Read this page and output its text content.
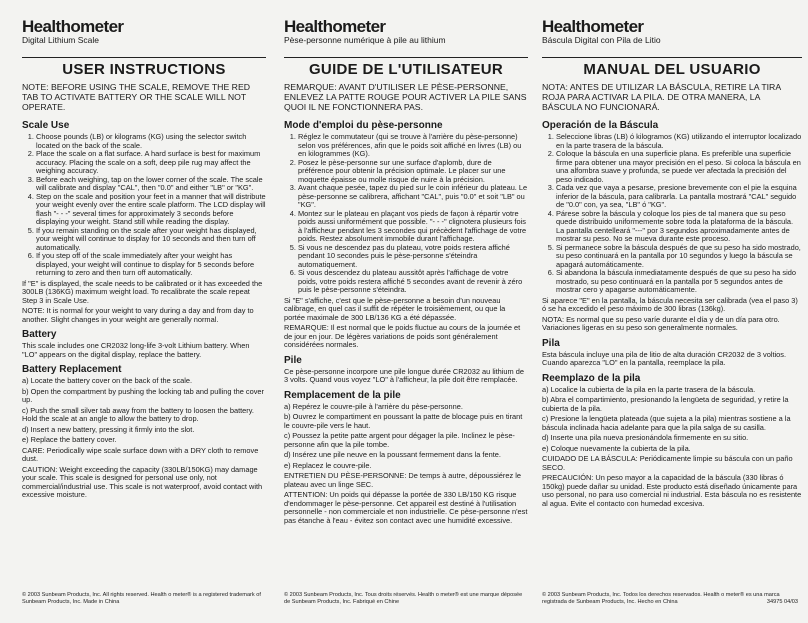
Healthometer
Digital Lithium Scale
USER INSTRUCTIONS
NOTE: BEFORE USING THE SCALE, REMOVE THE RED TAB TO ACTIVATE BATTERY OR THE SCALE WILL NOT OPERATE.
Scale Use
1. Choose pounds (LB) or kilograms (KG) using the selector switch located on the back of the scale.
2. Place the scale on a flat surface. A hard surface is best for maximum accuracy. Placing the scale on a soft, deep pile rug may affect the weighing accuracy.
3. Before each weighing, tap on the lower corner of the scale. The scale will calibrate and display "CAL", then "0.0" and either "LB" or "KG".
4. Step on the scale and position your feet in a manner that will distribute your weight evenly over the entire scale platform. The LCD display will flash "- - -" several times for approximately 3 seconds before displaying your weight. Stand still while reading the display.
5. If you remain standing on the scale after your weight has displayed, your weight will continue to display for 10 seconds and then turn off automatically.
6. If you step off of the scale immediately after your weight has displayed, your weight will continue to display for 5 seconds before returning to zero and then turn off automatically.

If "E" is displayed, the scale needs to be calibrated or it has exceeded the 300LB (136KG) maximum weight load. To recalibrate the scale repeat Step 3 in Scale Use.

NOTE: It is normal for your weight to vary during a day and from day to another. Slight changes in your weight are generally normal.

Battery

This scale includes one CR2032 long-life 3-volt Lithium battery. When "LO" appears on the digital display, replace the battery.

Battery Replacement

a) Locate the battery cover on the back of the scale.

b) Open the compartment by pushing the locking tab and pulling the cover up.

c) Push the small silver tab away from the battery to loosen the battery. Hold the scale at an angle to allow the battery to drop.

d) Insert a new battery, pressing it firmly into the slot.

e) Replace the battery cover.

CARE: Periodically wipe scale surface down with a DRY cloth to remove dust.

CAUTION: Weight exceeding the capacity (330LB/150KG) may damage your scale. This scale is designed for personal use only, not commercial/industrial use. This scale is not waterproof, avoid contact with excessive moisture.

© 2003 Sunbeam Products, Inc. All rights reserved. Health o meter® is a registered trademark of Sunbeam Products, Inc. Made in China
Healthometer
Pèse-personne numérique à pile au lithium
GUIDE DE L'UTILISATEUR
REMARQUE: AVANT D'UTILISER LE PÈSE-PERSONNE, ENLEVEZ LA PATTE ROUGE POUR ACTIVER LA PILE SANS QUOI IL NE FONCTIONNERA PAS.
Mode d'emploi du pèse-personne
1. Réglez le commutateur (qui se trouve à l'arrière du pèse-personne) selon vos préférences, afin que le poids soit affiché en livres (LB) ou en kilogrammes (KG).
2. Posez le pèse-personne sur une surface d'aplomb, dure de préférence pour obtenir la précision optimale. Le placer sur une moquette épaisse ou molle risque de nuire à la précision.
3. Avant chaque pesée, tapez du pied sur le coin inférieur du plateau. Le pèse-personne se calibrera, affichant "CAL", puis "0.0" et soit "LB" ou "KG".
4. Montez sur le plateau en plaçant vos pieds de façon à répartir votre poids aussi uniformément que possible. "- - -" clignotera plusieurs fois à l'afficheur pendant les 3 secondes qui précèdent l'affichage de votre poids. Restez absolument immobile durant l'affichage.
5. Si vous ne descendez pas du plateau, votre poids restera affiché pendant 10 secondes puis le pèse-personne s'éteindra automatiquement.
6. Si vous descendez du plateau aussitôt après l'affichage de votre poids, votre poids restera affiché 5 secondes avant de revenir à zéro puis le pèse-personne s'éteindra.

Si "E" s'affiche, c'est que le pèse-personne a besoin d'un nouveau calibrage, en quel cas il suffit de répéter le troisièmement, ou que la portée maximale de 300 LB/136 KG a été dépassée.

REMARQUE: Il est normal que le poids fluctue au cours de la journée et de jour en jour. De légères variations de poids sont généralement considérées normales.

Pile

Ce pèse-personne incorpore une pile longue durée CR2032 au lithium de 3 volts. Quand vous voyez "LO" à l'afficheur, la pile doit être remplacée.

Remplacement de la pile

a) Repérez le couvre-pile à l'arrière du pèse-personne.

b) Ouvrez le compartiment en poussant la patte de blocage puis en tirant le couvre-pile vers le haut.

c) Poussez la petite patte argent pour dégager la pile. Inclinez le pèse-personne afin que la pile tombe.

d) Insérez une pile neuve en la poussant fermement dans la fente.

e) Replacez le couvre-pile.

ENTRETIEN DU PÈSE-PERSONNE: De temps à autre, dépoussiérez le plateau avec un linge SEC.

ATTENTION: Un poids qui dépasse la portée de 330 LB/150 KG risque d'endommager le pèse-personne. Cet appareil est destiné à l'utilisation personnelle - non commerciale et non industrielle. Ce pèse-personne n'est pas étanche à l'eau - évitez son contact avec une humidité excessive.

© 2003 Sunbeam Products, Inc. Tous droits réservés. Health o meter® est une marque déposée de Sunbeam Products, Inc. Fabriqué en Chine
Healthometer
Báscula Digital con Pila de Litio
MANUAL DEL USUARIO
NOTA: ANTES DE UTILIZAR LA BÁSCULA, RETIRE LA TIRA ROJA PARA ACTIVAR LA PILA. DE OTRA MANERA, LA BÁSCULA NO FUNCIONARÁ.
Operación de la Báscula
1. Seleccione libras (LB) ó kilogramos (KG) utilizando el interruptor localizado en la parte trasera de la báscula.
2. Coloque la báscula en una superficie plana. Es preferible una superficie firme para obtener una mayor precisión en el peso. Si coloca la báscula en una alfombra suave y profunda, se puede ver afectada la precisión del peso indicado.
3. Cada vez que vaya a pesarse, presione brevemente con el pie la esquina inferior de la báscula, para calibrarla. La pantalla mostrará "CAL" seguido de "0.0" con, ya sea, "LB" ó "KG".
4. Párese sobre la báscula y coloque los pies de tal manera que su peso quede distribuido uniformemente sobre toda la plataforma de la báscula. La pantalla centelleará "---" por 3 segundos aproximadamente antes de mostrar su peso. No se mueva durante este proceso.
5. Si permanece sobre la báscula después de que su peso ha sido mostrado, su peso continuará en la pantalla por 10 segundos y luego la báscula se apagará automáticamente.
6. Si abandona la báscula inmediatamente después de que su peso ha sido mostrado, su peso continuará en la pantalla por 5 segundos antes de mostrar cero y apagarse automáticamente.

Si aparece "E" en la pantalla, la báscula necesita ser calibrada (vea el paso 3) ó se ha excedido el peso máximo de 300 libras (136kg).

NOTA: Es normal que su peso varíe durante el día y de un día para otro. Variaciones ligeras en su peso son generalmente normales.

Pila

Esta báscula incluye una pila de litio de alta duración CR2032 de 3 voltios. Cuando aparezca "LO" en la pantalla, reemplace la pila.

Reemplazo de la pila

a) Localice la cubierta de la pila en la parte trasera de la báscula.

b) Abra el compartimiento, presionando la lengüeta de seguridad, y retire la cubierta de la pila.

c) Presione la lengüeta plateada (que sujeta a la pila) mientras sostiene a la báscula inclinada hacia adelante para que la pila salga de su casilla.

d) Inserte una pila nueva presionándola firmemente en su sitio.

e) Coloque nuevamente la cubierta de la pila.

CUIDADO DE LA BÁSCULA: Periódicamente limpie su báscula con un paño SECO.

PRECAUCIÓN: Un peso mayor a la capacidad de la báscula (330 libras ó 150kg) puede dañar su unidad. Este producto está diseñado únicamente para uso personal, no para uso comercial ni industrial. Esta báscula no es resistente al agua. Evite el contacto con humedad excesiva.

© 2003 Sunbeam Products, Inc. Todos los derechos reservados. Health o meter® es una marca registrada de Sunbeam Products, Inc. Hecho en China	34975 04/03
